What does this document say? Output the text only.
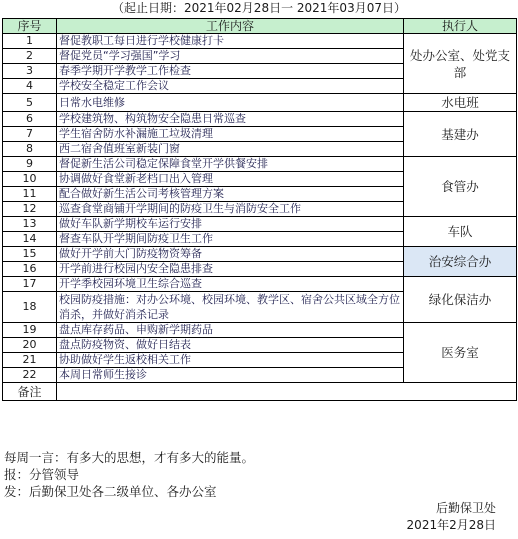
（起止日期：2021年02月28日一 2021年03月07日）
序号	工作内容	执行人
1	督促教职工每日进行学校健康打卡	处办公室、处党支部
2	督促党员“学习强国”学习	
3	春季学期开学教学工作检查	
4	学校安全稳定工作会议	
5	日常水电维修	水电班
6	学校建筑物、构筑物安全隐患日常巡查	基建办
7	学生宿舍防水补漏施工垃圾清理	
8	西二宿舍值班室新装门窗	
9	督促新生活公司稳定保障食堂开学供餐安排	食管办
10	协调做好食堂新老档口出入管理	
11	配合做好新生活公司考核管理方案	
12	巡查食堂商铺开学期间的防疫卫生与消防安全工作	
13	做好车队新学期校车运行安排	车队
14	督查车队开学期间防疫卫生工作	
15	做好开学前大门防疫物资筹备	治安综合办
16	开学前进行校园内安全隐患排查	
17	开学季校园环境卫生综合巡查	绿化保洁办
18	校园防疫措施：对办公环境、校园环境、教学区、宿舍公共区域全方位消杀，并做好消杀记录	
19	盘点库存药品、申购新学期药品	医务室
20	盘点防疫物资、做好日结表	
21	协助做好学生返校相关工作	
22	本周日常师生接诊	
备注		
每周一言：有多大的思想，才有多大的能量。
报：分管领导
发：后勤保卫处各二级单位、各办公室
后勤保卫处
2021年2月28日
